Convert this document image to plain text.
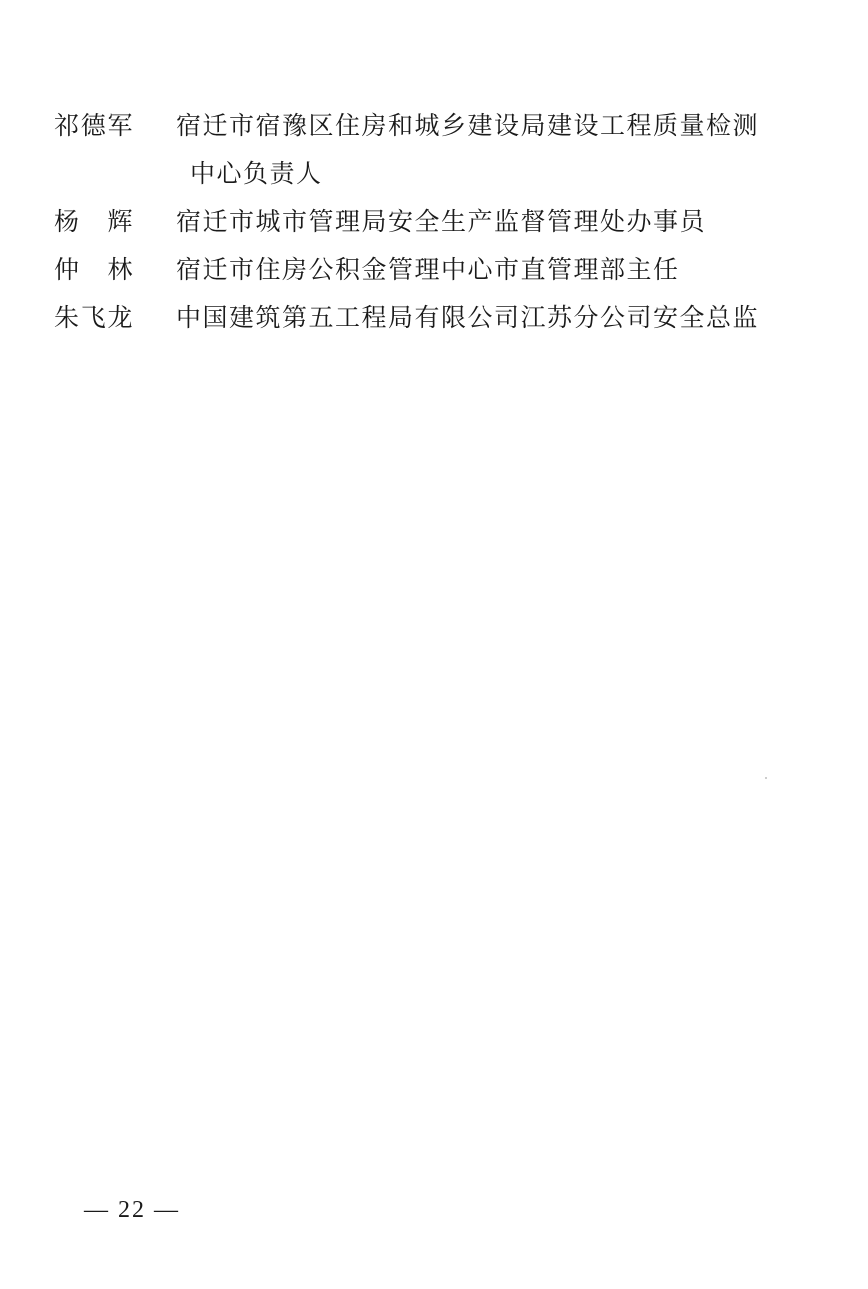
祁德军	宿迁市宿豫区住房和城乡建设局建设工程质量检测
中心负责人
杨　辉	宿迁市城市管理局安全生产监督管理处办事员
仲　林	宿迁市住房公积金管理中心市直管理部主任
朱飞龙	中国建筑第五工程局有限公司江苏分公司安全总监
— 22 —
